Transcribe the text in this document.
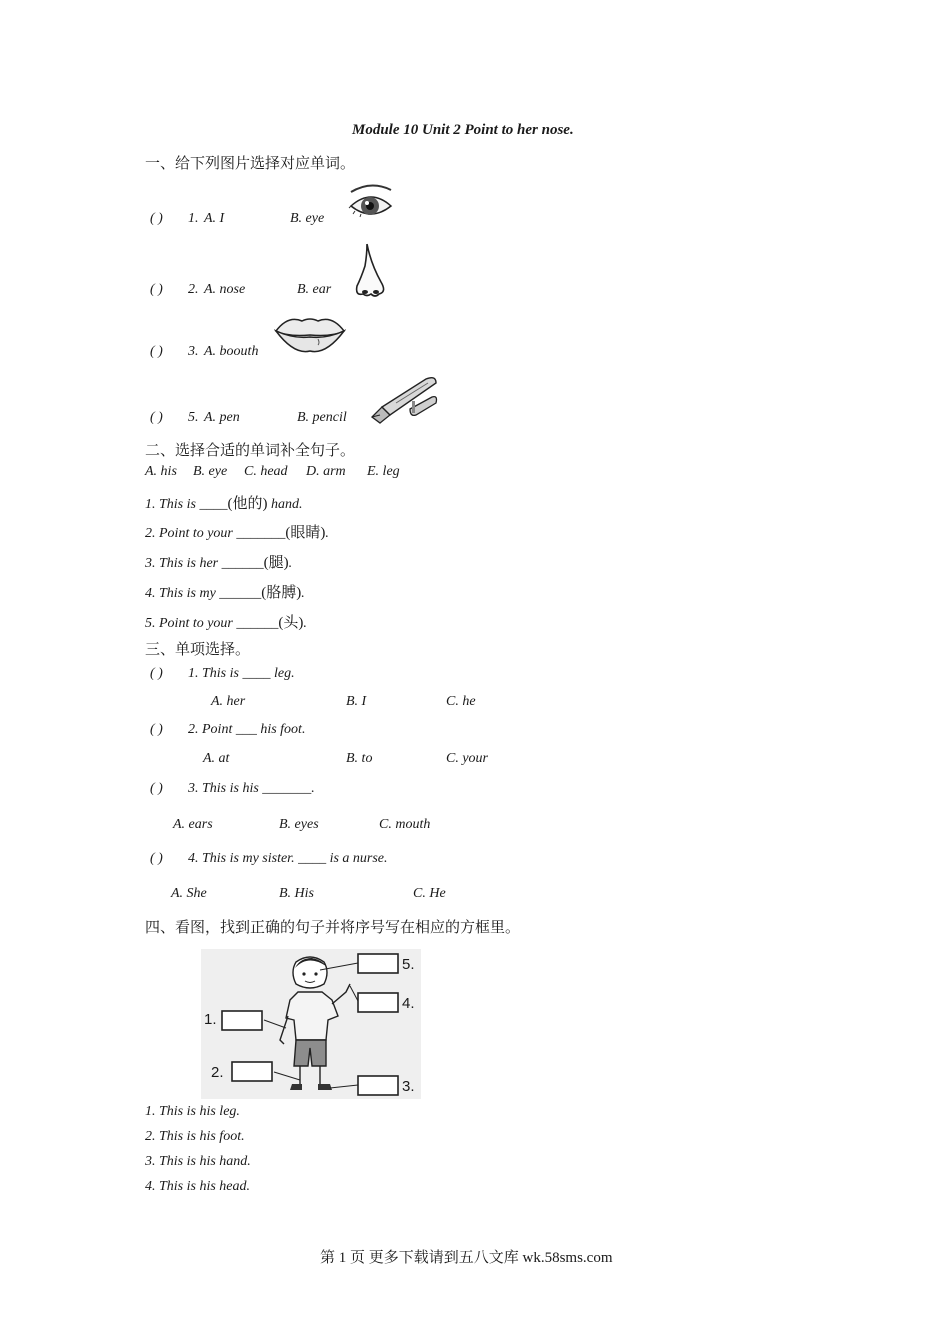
Module 10 Unit 2 Point to her nose.
一、给下列图片选择对应单词。
( ) 1. A. I	B. eye
( ) 2. A. nose	B. ear
( ) 3. A. boouth
( ) 5. A. pen	B. pencil
二、选择合适的单词补全句子。
A. his B. eye C. head D. arm E. leg
1. This is ____(他的) hand.
2. Point to your _______(眼睛).
3. This is her ______(腿).
4. This is my ______(胳膊).
5. Point to your ______(头).
三、单项选择。
( ) 1. This is ____ leg.
A. her	B. I	C. he
( ) 2. Point ___ his foot.
A. at	B. to	C. your
( ) 3. This is his _______.
A. ears	B. eyes	C. mouth
( ) 4. This is my sister. ____ is a nurse.
A. She	B. His	C. He
四、看图，找到正确的句子并将序号写在相应的方框里。
1.
2.
3.
4.
5.
1. This is his leg.
2. This is his foot.
3. This is his hand.
4. This is his head.
第 1 页 更多下载请到五八文库 wk.58sms.com
